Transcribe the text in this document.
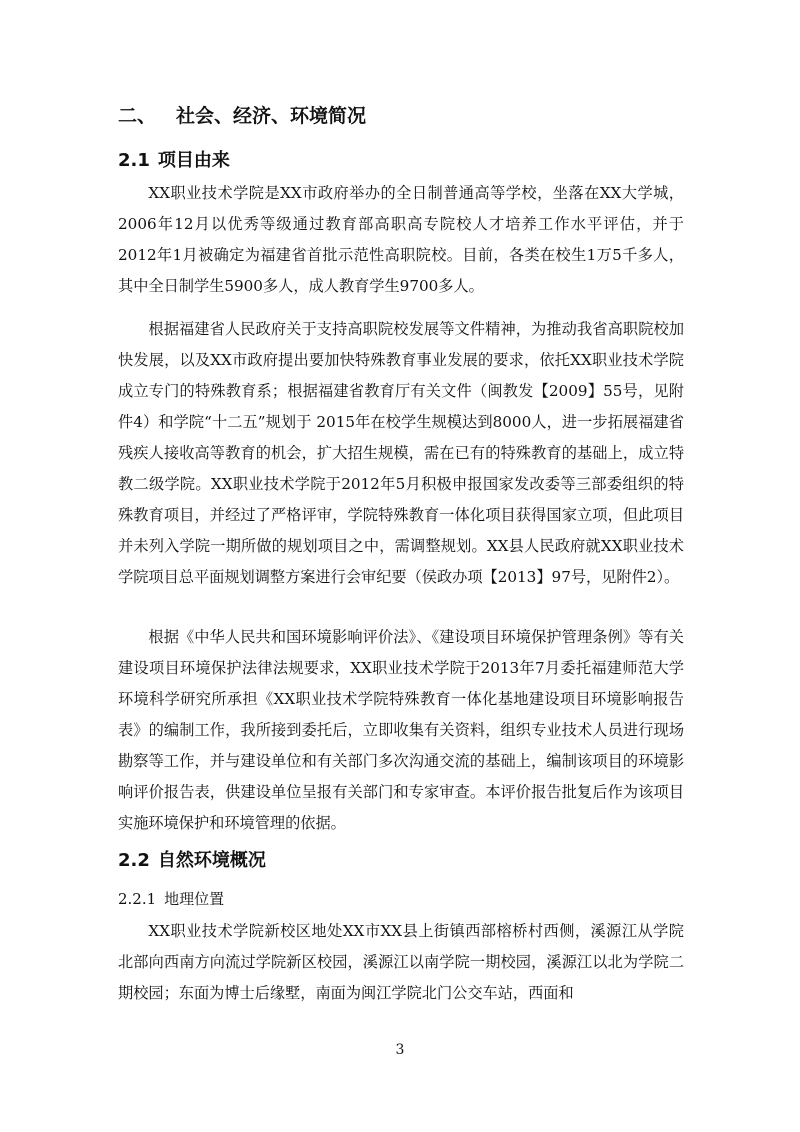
二、 社会、经济、环境简况
2.1 项目由来

XX职业技术学院是XX市政府举办的全日制普通高等学校，坐落在XX大学城，2006年12月以优秀等级通过教育部高职高专院校人才培养工作水平评估，并于2012年1月被确定为福建省首批示范性高职院校。目前，各类在校生1万5千多人，其中全日制学生5900多人，成人教育学生9700多人。

根据福建省人民政府关于支持高职院校发展等文件精神，为推动我省高职院校加快发展，以及XX市政府提出要加快特殊教育事业发展的要求，依托XX职业技术学院成立专门的特殊教育系；根据福建省教育厅有关文件（闽教发【2009】55号，见附件4）和学院“十二五”规划于 2015年在校学生规模达到8000人，进一步拓展福建省残疾人接收高等教育的机会，扩大招生规模，需在已有的特殊教育的基础上，成立特教二级学院。XX职业技术学院于2012年5月积极申报国家发改委等三部委组织的特殊教育项目，并经过了严格评审，学院特殊教育一体化项目获得国家立项，但此项目并未列入学院一期所做的规划项目之中，需调整规划。XX县人民政府就XX职业技术学院项目总平面规划调整方案进行会审纪要（侯政办项【2013】97号，见附件2）。

根据《中华人民共和国环境影响评价法》、《建设项目环境保护管理条例》等有关建设项目环境保护法律法规要求，XX职业技术学院于2013年7月委托福建师范大学环境科学研究所承担《XX职业技术学院特殊教育一体化基地建设项目环境影响报告表》的编制工作，我所接到委托后，立即收集有关资料，组织专业技术人员进行现场勘察等工作，并与建设单位和有关部门多次沟通交流的基础上，编制该项目的环境影响评价报告表，供建设单位呈报有关部门和专家审查。本评价报告批复后作为该项目实施环境保护和环境管理的依据。

2.2 自然环境概况
2.2.1 地理位置

XX职业技术学院新校区地处XX市XX县上街镇西部榕桥村西侧，溪源江从学院北部向西南方向流过学院新区校园，溪源江以南学院一期校园，溪源江以北为学院二期校园；东面为博士后缘墅，南面为闽江学院北门公交车站，西面和

3
